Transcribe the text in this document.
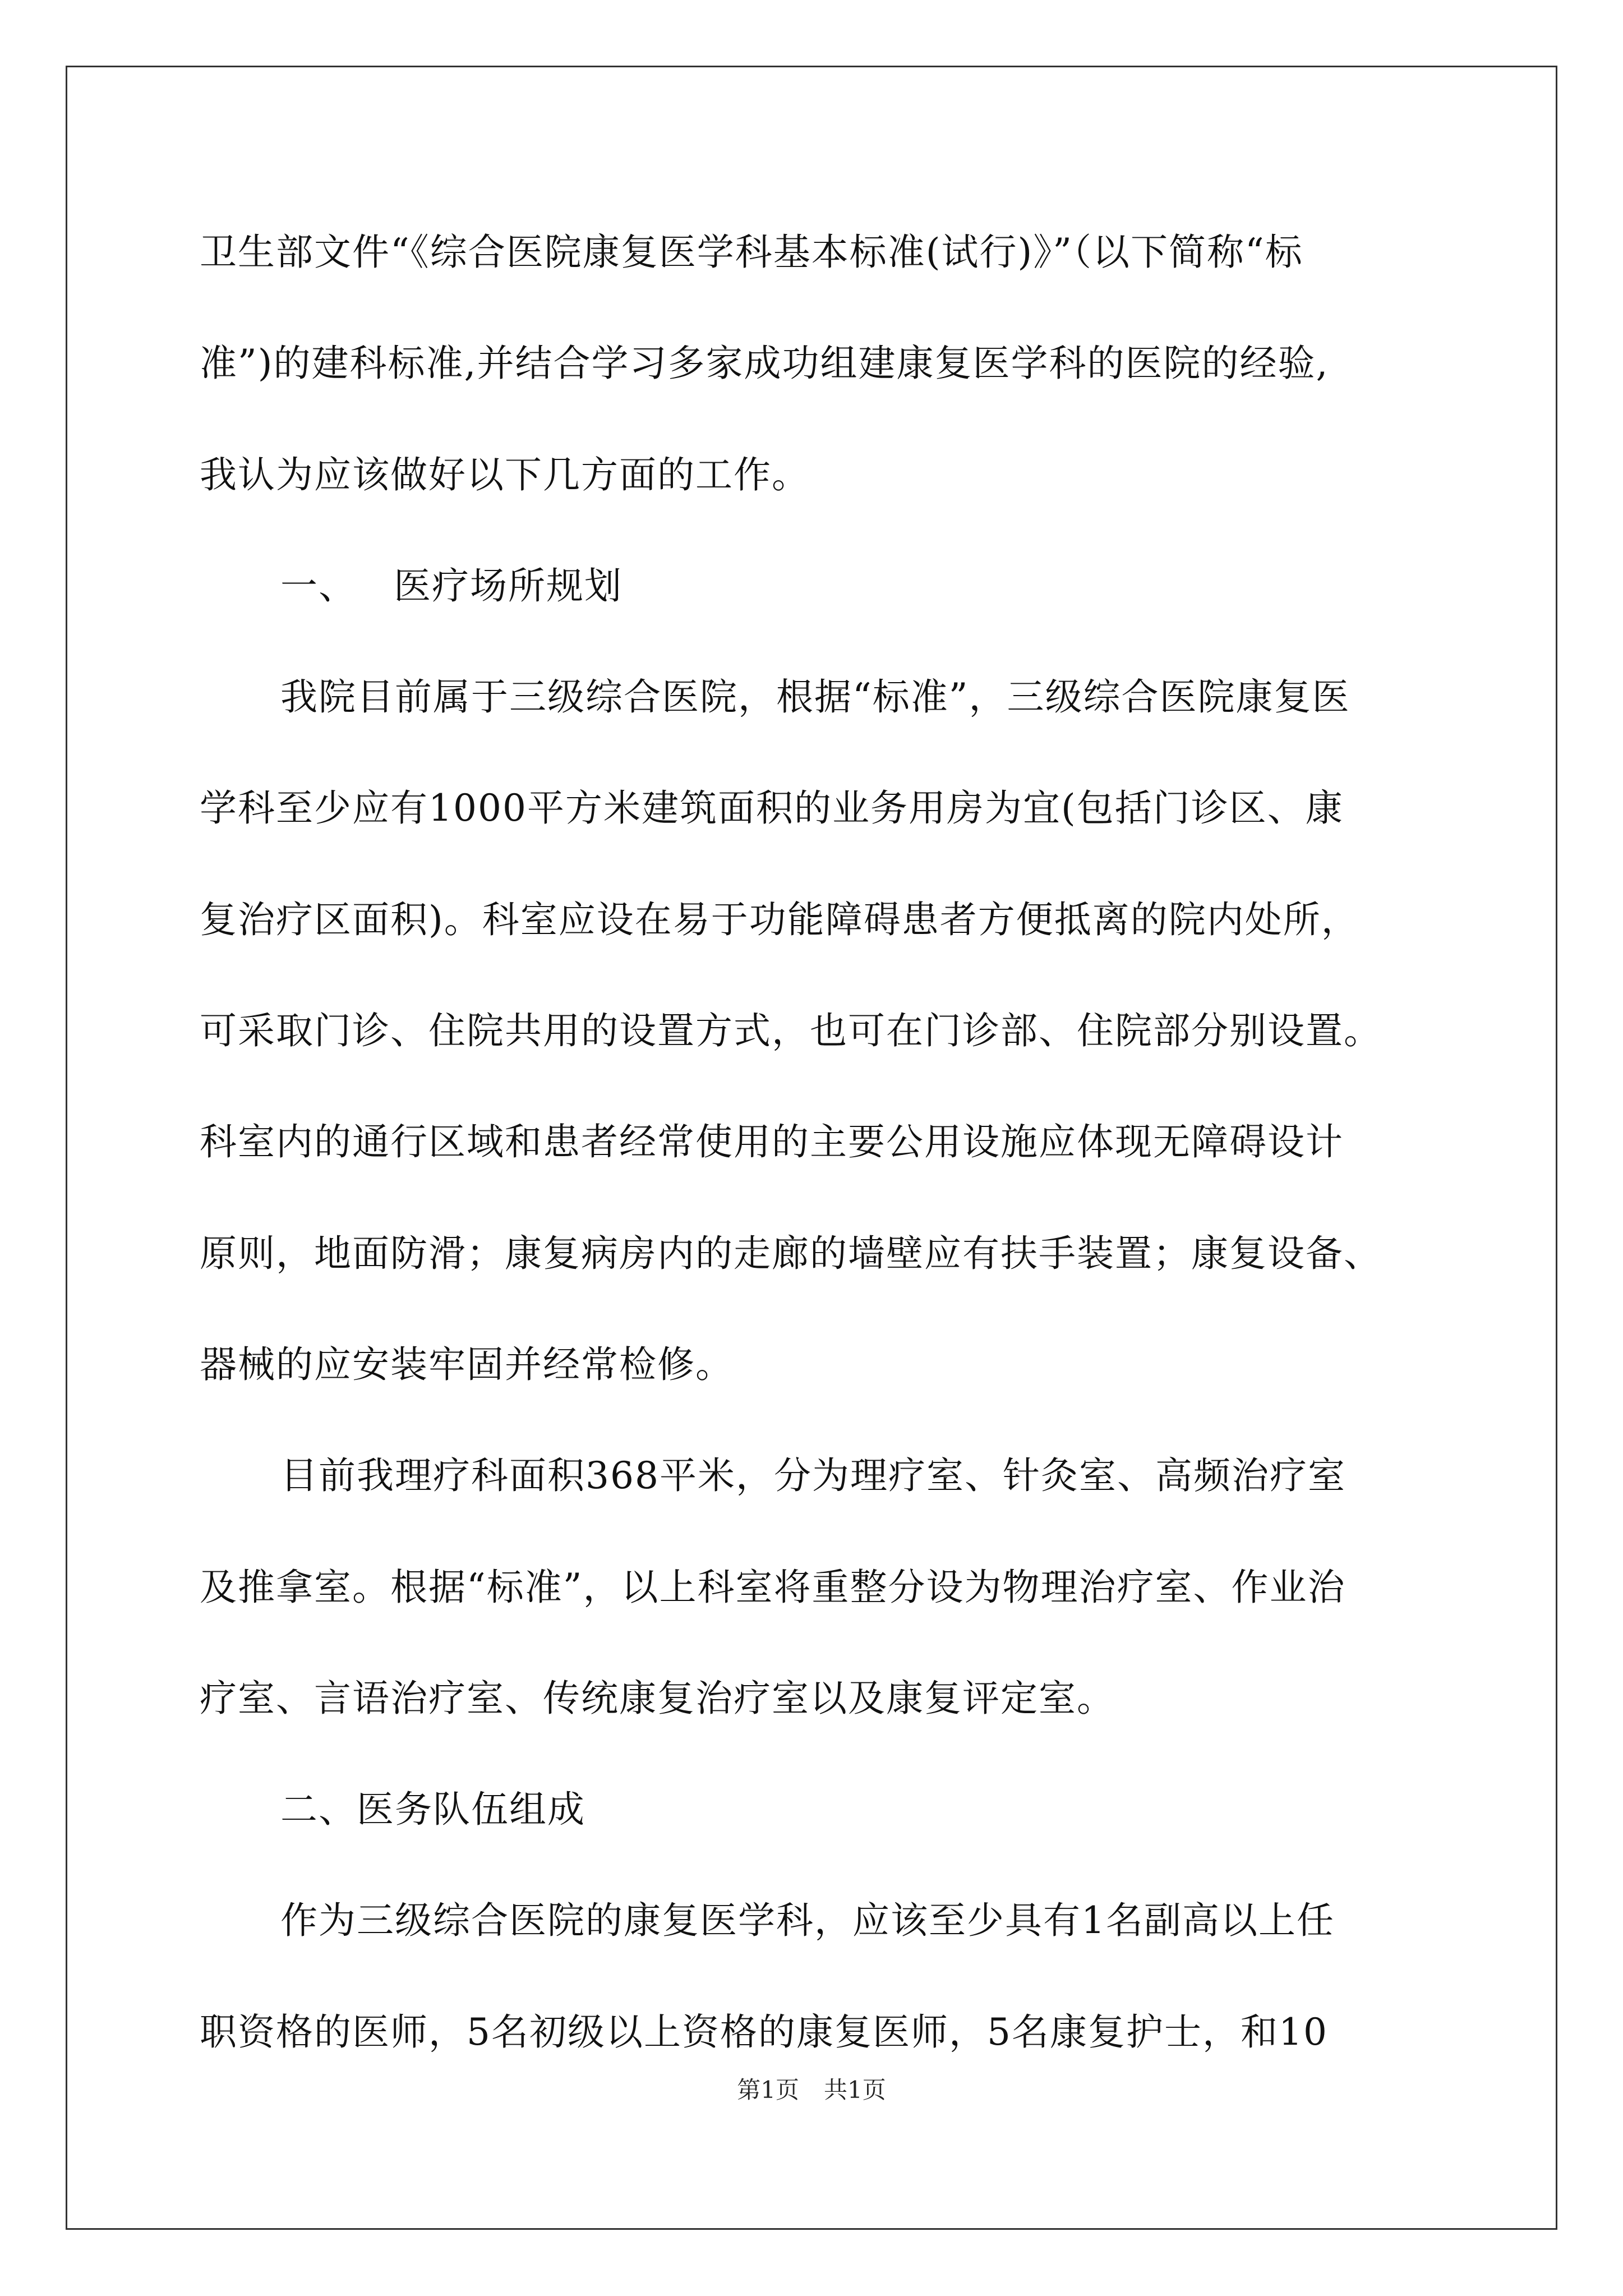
卫生部文件“《综合医院康复医学科基本标准(试行)》”（以下简称“标
准”)的建科标准,并结合学习多家成功组建康复医学科的医院的经验,
我认为应该做好以下几方面的工作。
一、 医疗场所规划
我院目前属于三级综合医院，根据“标准”，三级综合医院康复医
学科至少应有1000平方米建筑面积的业务用房为宜(包括门诊区、康
复治疗区面积)。科室应设在易于功能障碍患者方便抵离的院内处所，
可采取门诊、住院共用的设置方式，也可在门诊部、住院部分别设置。
科室内的通行区域和患者经常使用的主要公用设施应体现无障碍设计
原则，地面防滑；康复病房内的走廊的墙壁应有扶手装置；康复设备、
器械的应安装牢固并经常检修。
目前我理疗科面积368平米，分为理疗室、针灸室、高频治疗室
及推拿室。根据“标准”，以上科室将重整分设为物理治疗室、作业治
疗室、言语治疗室、传统康复治疗室以及康复评定室。
二、医务队伍组成
作为三级综合医院的康复医学科，应该至少具有1名副高以上任
职资格的医师，5名初级以上资格的康复医师，5名康复护士，和10
第1页 共1页
